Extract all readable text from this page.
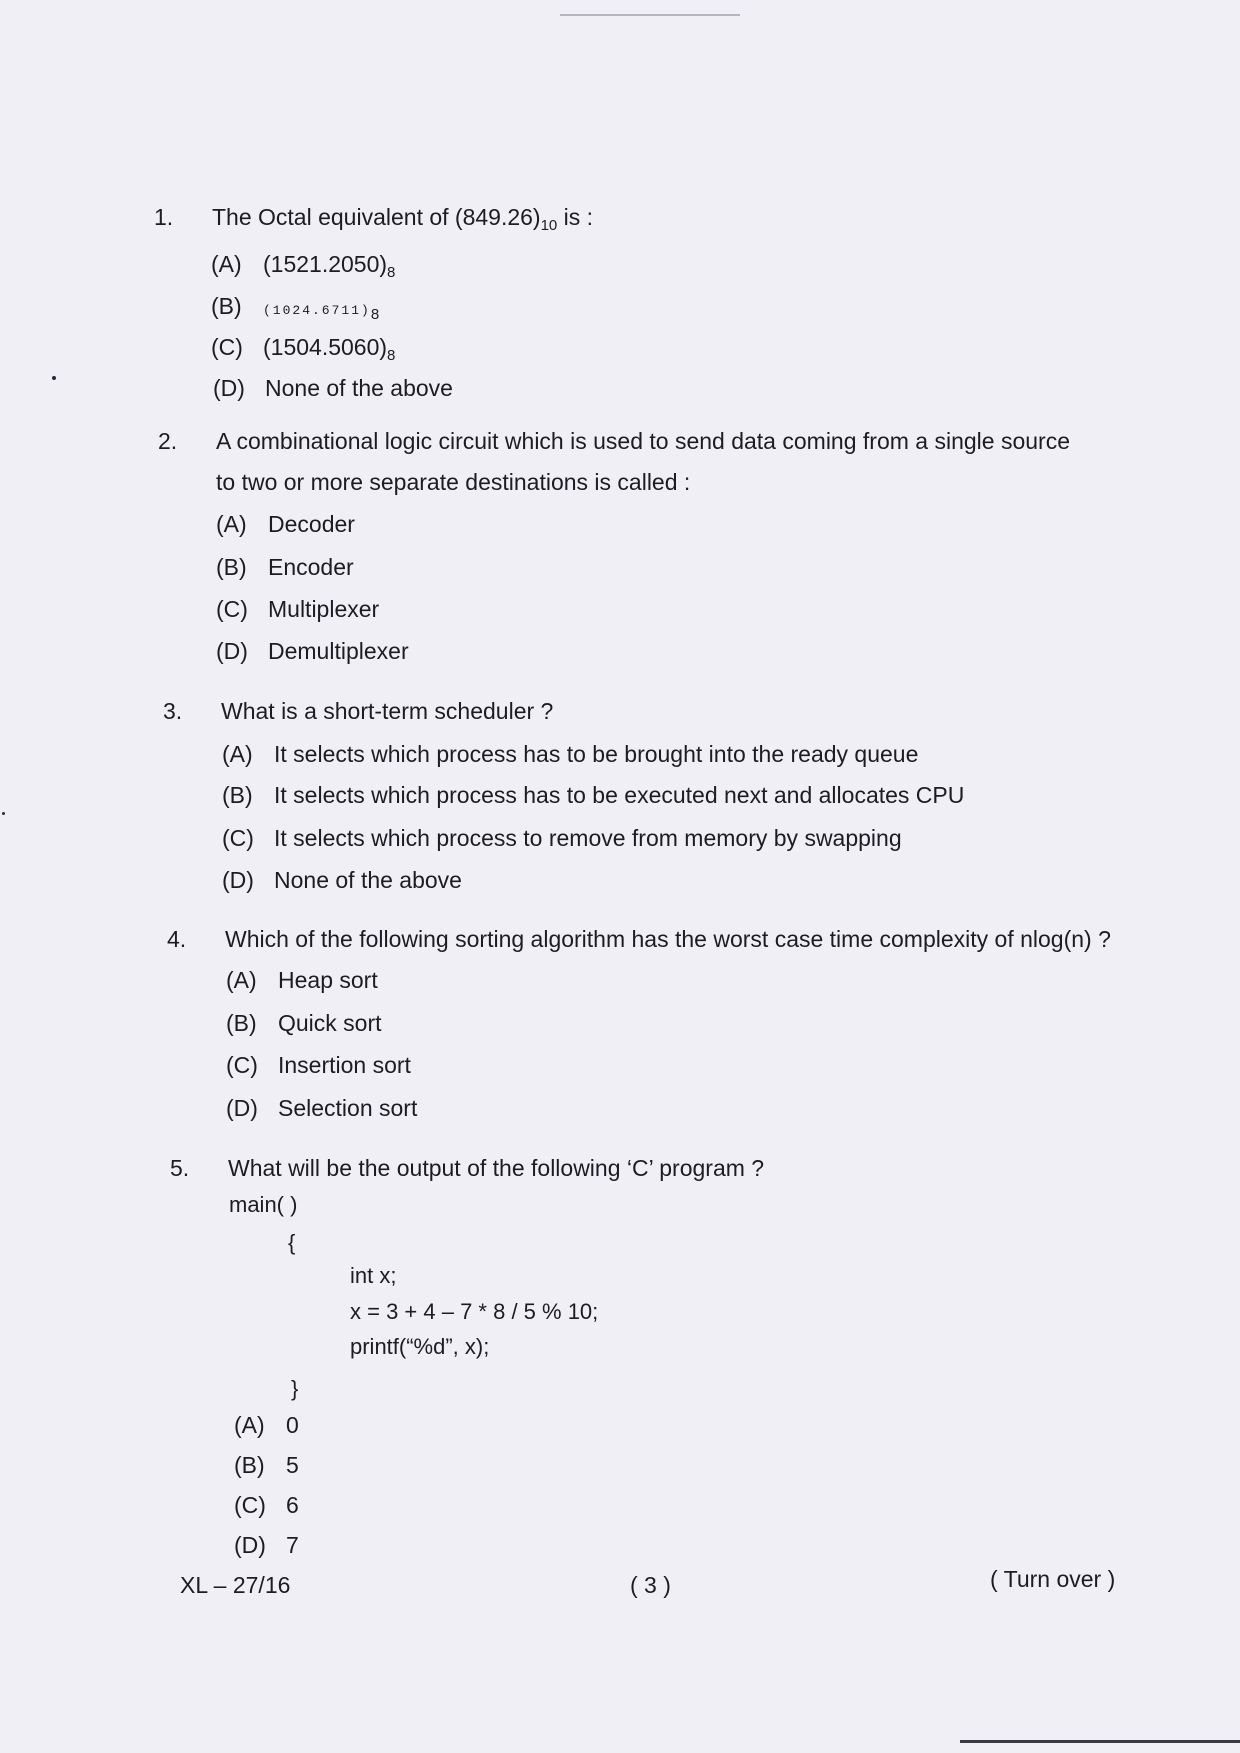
1.	The Octal equivalent of $(849.26)_{10}$ is :
(A) $(1521.2050)_8$
(B) $(1024.6711)_8$
(C) $(1504.5060)_8$
(D) None of the above
2.	A combinational logic circuit which is used to send data coming from a single source
to two or more separate destinations is called :
(A) Decoder
(B) Encoder
(C) Multiplexer
(D) Demultiplexer
3.	What is a short-term scheduler ?
(A) It selects which process has to be brought into the ready queue
(B) It selects which process has to be executed next and allocates CPU
(C) It selects which process to remove from memory by swapping
(D) None of the above
4.	Which of the following sorting algorithm has the worst case time complexity of nlog(n) ?
(A) Heap sort
(B) Quick sort
(C) Insertion sort
(D) Selection sort
5.	What will be the output of the following ‘C’ program ?
main( )
{
int x;
x = 3 + 4 – 7 * 8 / 5 % 10;
printf(“%d”, x);
}
(A) 0
(B) 5
(C) 6
(D) 7
XL – 27/16	( 3 )	( Turn over )
